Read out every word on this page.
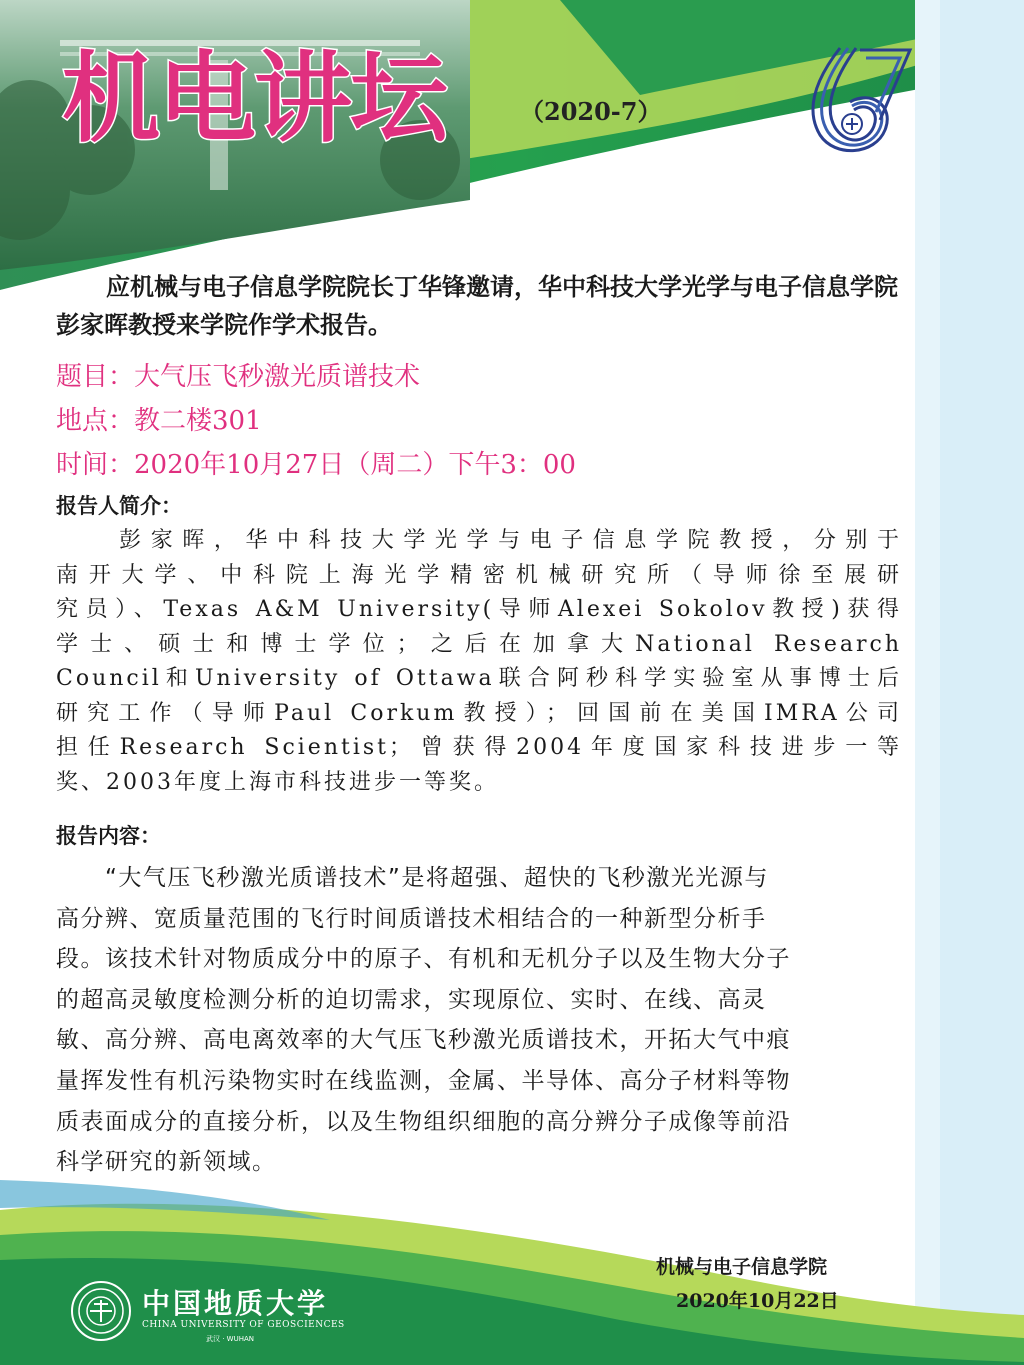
机电讲坛	（2020-7）
应机械与电子信息学院院长丁华锋邀请，华中科技大学光学与电子信息学院彭家晖教授来学院作学术报告。
题目：大气压飞秒激光质谱技术
地点：教二楼301
时间：2020年10月27日（周二）下午3：00
报告人简介：
　　彭家晖，华中科技大学光学与电子信息学院教授，分别于
南开大学、中科院上海光学精密机械研究所（导师徐至展研
究员）、Texas A&M University(导师Alexei Sokolov教授)获得
学士、硕士和博士学位；之后在加拿大National Research
Council和University of Ottawa联合阿秒科学实验室从事博士后
研究工作（导师Paul Corkum教授）；回国前在美国IMRA公司
担任Research Scientist；曾获得2004年度国家科技进步一等
奖、2003年度上海市科技进步一等奖。
报告内容：
　　“大气压飞秒激光质谱技术”是将超强、超快的飞秒激光光源与
高分辨、宽质量范围的飞行时间质谱技术相结合的一种新型分析手
段。该技术针对物质成分中的原子、有机和无机分子以及生物大分子
的超高灵敏度检测分析的迫切需求，实现原位、实时、在线、高灵
敏、高分辨、高电离效率的大气压飞秒激光质谱技术，开拓大气中痕
量挥发性有机污染物实时在线监测，金属、半导体、高分子材料等物
质表面成分的直接分析，以及生物组织细胞的高分辨分子成像等前沿
科学研究的新领域。
中国地质大学
CHINA UNIVERSITY OF GEOSCIENCES
武汉 · WUHAN
机械与电子信息学院
2020年10月22日
